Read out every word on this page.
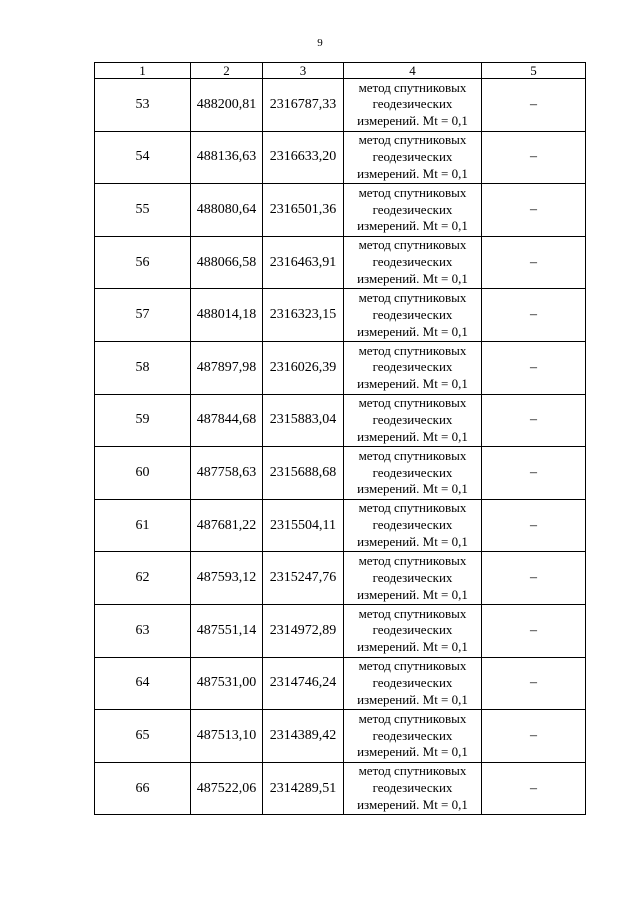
9
1	2	3	4	5
53	488200,81	2316787,33	метод спутниковых
геодезических
измерений. Mt = 0,1	–
54	488136,63	2316633,20	метод спутниковых
геодезических
измерений. Mt = 0,1	–
55	488080,64	2316501,36	метод спутниковых
геодезических
измерений. Mt = 0,1	–
56	488066,58	2316463,91	метод спутниковых
геодезических
измерений. Mt = 0,1	–
57	488014,18	2316323,15	метод спутниковых
геодезических
измерений. Mt = 0,1	–
58	487897,98	2316026,39	метод спутниковых
геодезических
измерений. Mt = 0,1	–
59	487844,68	2315883,04	метод спутниковых
геодезических
измерений. Mt = 0,1	–
60	487758,63	2315688,68	метод спутниковых
геодезических
измерений. Mt = 0,1	–
61	487681,22	2315504,11	метод спутниковых
геодезических
измерений. Mt = 0,1	–
62	487593,12	2315247,76	метод спутниковых
геодезических
измерений. Mt = 0,1	–
63	487551,14	2314972,89	метод спутниковых
геодезических
измерений. Mt = 0,1	–
64	487531,00	2314746,24	метод спутниковых
геодезических
измерений. Mt = 0,1	–
65	487513,10	2314389,42	метод спутниковых
геодезических
измерений. Mt = 0,1	–
66	487522,06	2314289,51	метод спутниковых
геодезических
измерений. Mt = 0,1	–
